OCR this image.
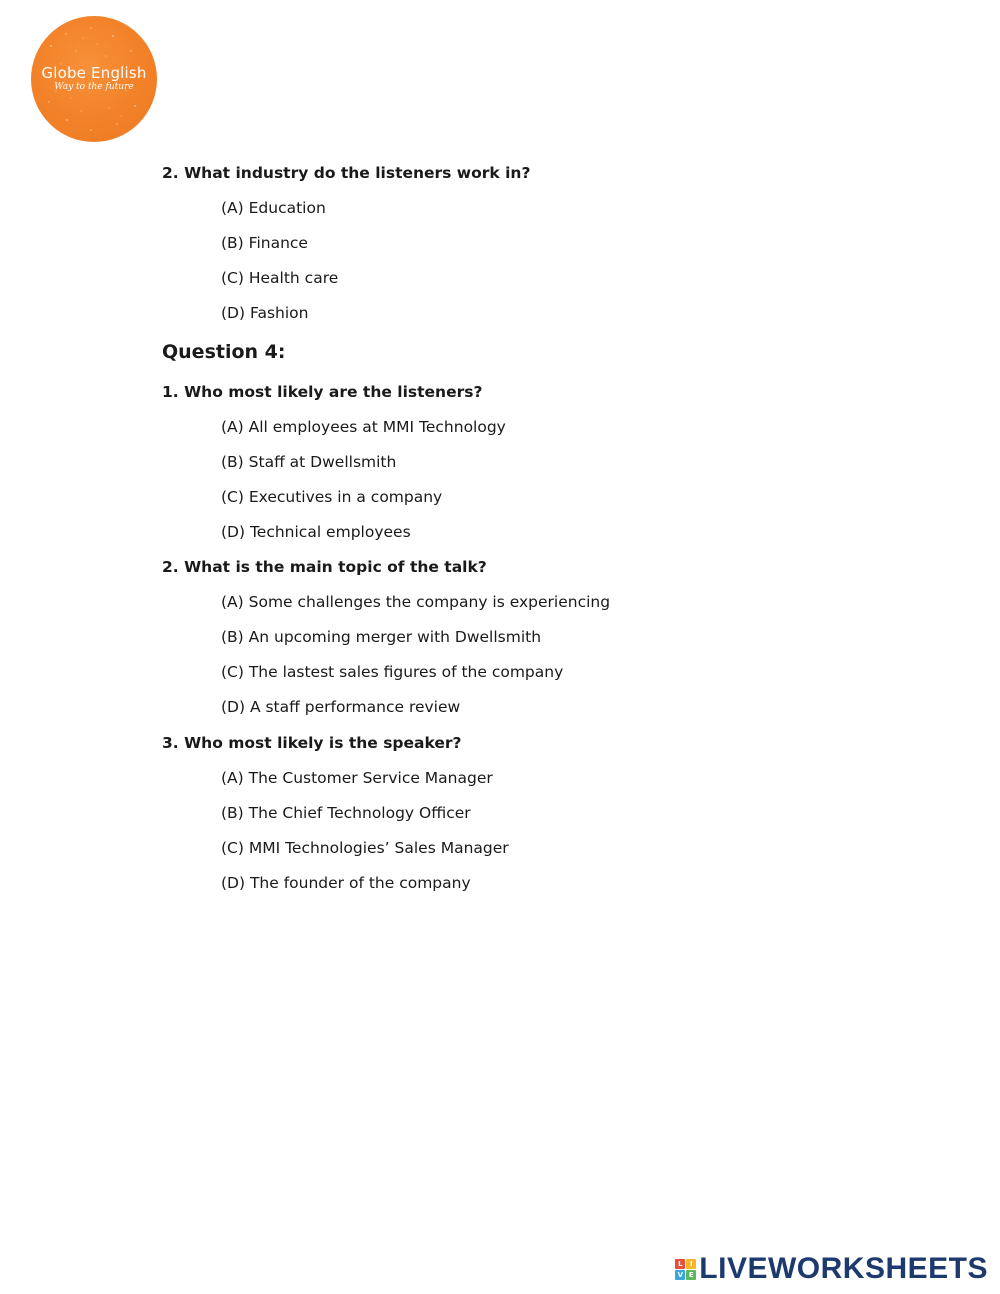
Globe English
Way to the future
2. What industry do the listeners work in?
(A) Education
(B) Finance
(C) Health care
(D) Fashion
Question 4:
1. Who most likely are the listeners?
(A) All employees at MMI Technology
(B) Staff at Dwellsmith
(C) Executives in a company
(D) Technical employees
2. What is the main topic of the talk?
(A) Some challenges the company is experiencing
(B) An upcoming merger with Dwellsmith
(C) The lastest sales figures of the company
(D) A staff performance review
3. Who most likely is the speaker?
(A) The Customer Service Manager
(B) The Chief Technology Officer
(C) MMI Technologies’ Sales Manager
(D) The founder of the company
L	I
V E LIVEWORKSHEETS
